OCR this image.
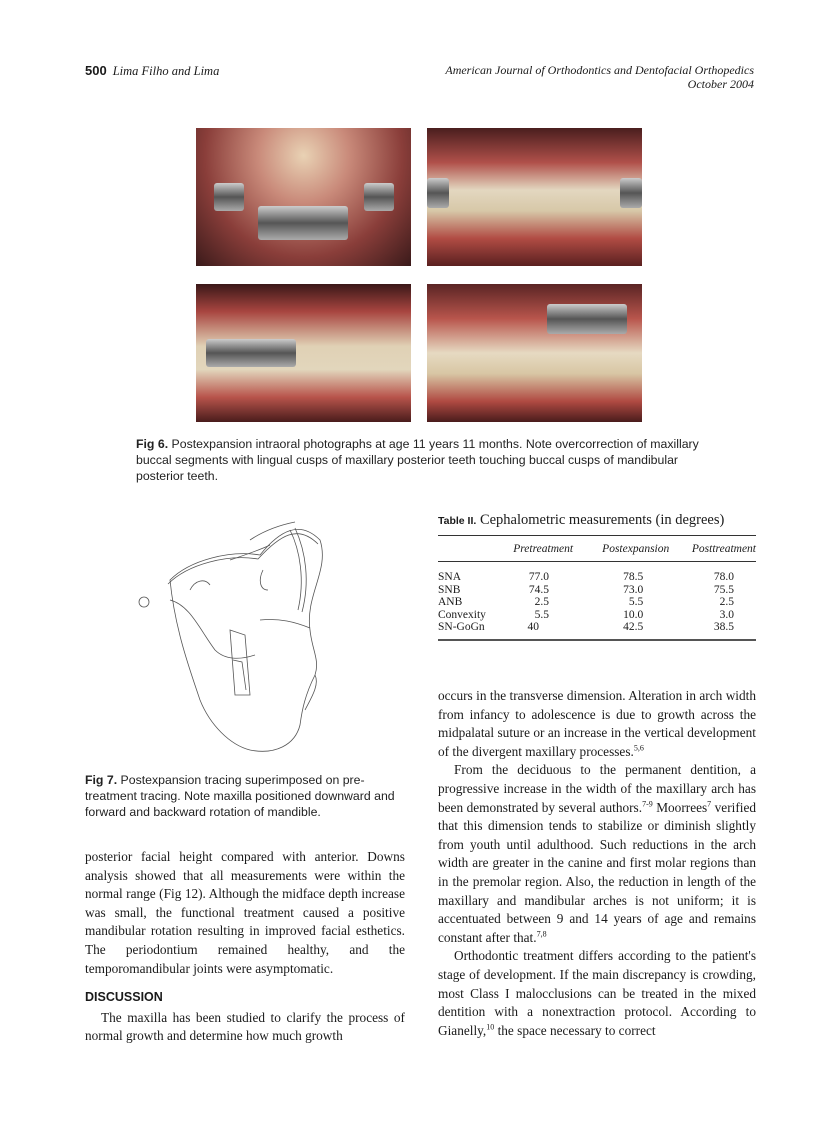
500 Lima Filho and Lima	American Journal of Orthodontics and Dentofacial Orthopedics
October 2004
Fig 6. Postexpansion intraoral photographs at age 11 years 11 months. Note overcorrection of maxillary buccal segments with lingual cusps of maxillary posterior teeth touching buccal cusps of mandibular posterior teeth.
Fig 7. Postexpansion tracing superimposed on pre-treatment tracing. Note maxilla positioned downward and forward and backward rotation of mandible.
Table II. Cephalometric measurements (in degrees)
	Pretreatment	Postexpansion	Posttreatment
SNA	77.0	78.5	78.0
SNB	74.5	73.0	75.5
ANB	2.5	5.5	2.5
Convexity	5.5	10.0	3.0
SN-GoGn	40	42.5	38.5

posterior facial height compared with anterior. Downs analysis showed that all measurements were within the normal range (Fig 12). Although the midface depth increase was small, the functional treatment caused a positive mandibular rotation resulting in improved facial esthetics. The periodontium remained healthy, and the temporomandibular joints were asymptomatic.

DISCUSSION

The maxilla has been studied to clarify the process of normal growth and determine how much growth

occurs in the transverse dimension. Alteration in arch width from infancy to adolescence is due to growth across the midpalatal suture or an increase in the vertical development of the divergent maxillary processes.$^{5,6}$

From the deciduous to the permanent dentition, a progressive increase in the width of the maxillary arch has been demonstrated by several authors.$^{7-9}$ Moorrees$^7$ verified that this dimension tends to stabilize or diminish slightly from youth until adulthood. Such reductions in the arch width are greater in the canine and first molar regions than in the premolar region. Also, the reduction in length of the maxillary and mandibular arches is not uniform; it is accentuated between 9 and 14 years of age and remains constant after that.$^{7,8}$

Orthodontic treatment differs according to the patient's stage of development. If the main discrepancy is crowding, most Class I malocclusions can be treated in the mixed dentition with a nonextraction protocol. According to Gianelly,$^{10}$ the space necessary to correct
